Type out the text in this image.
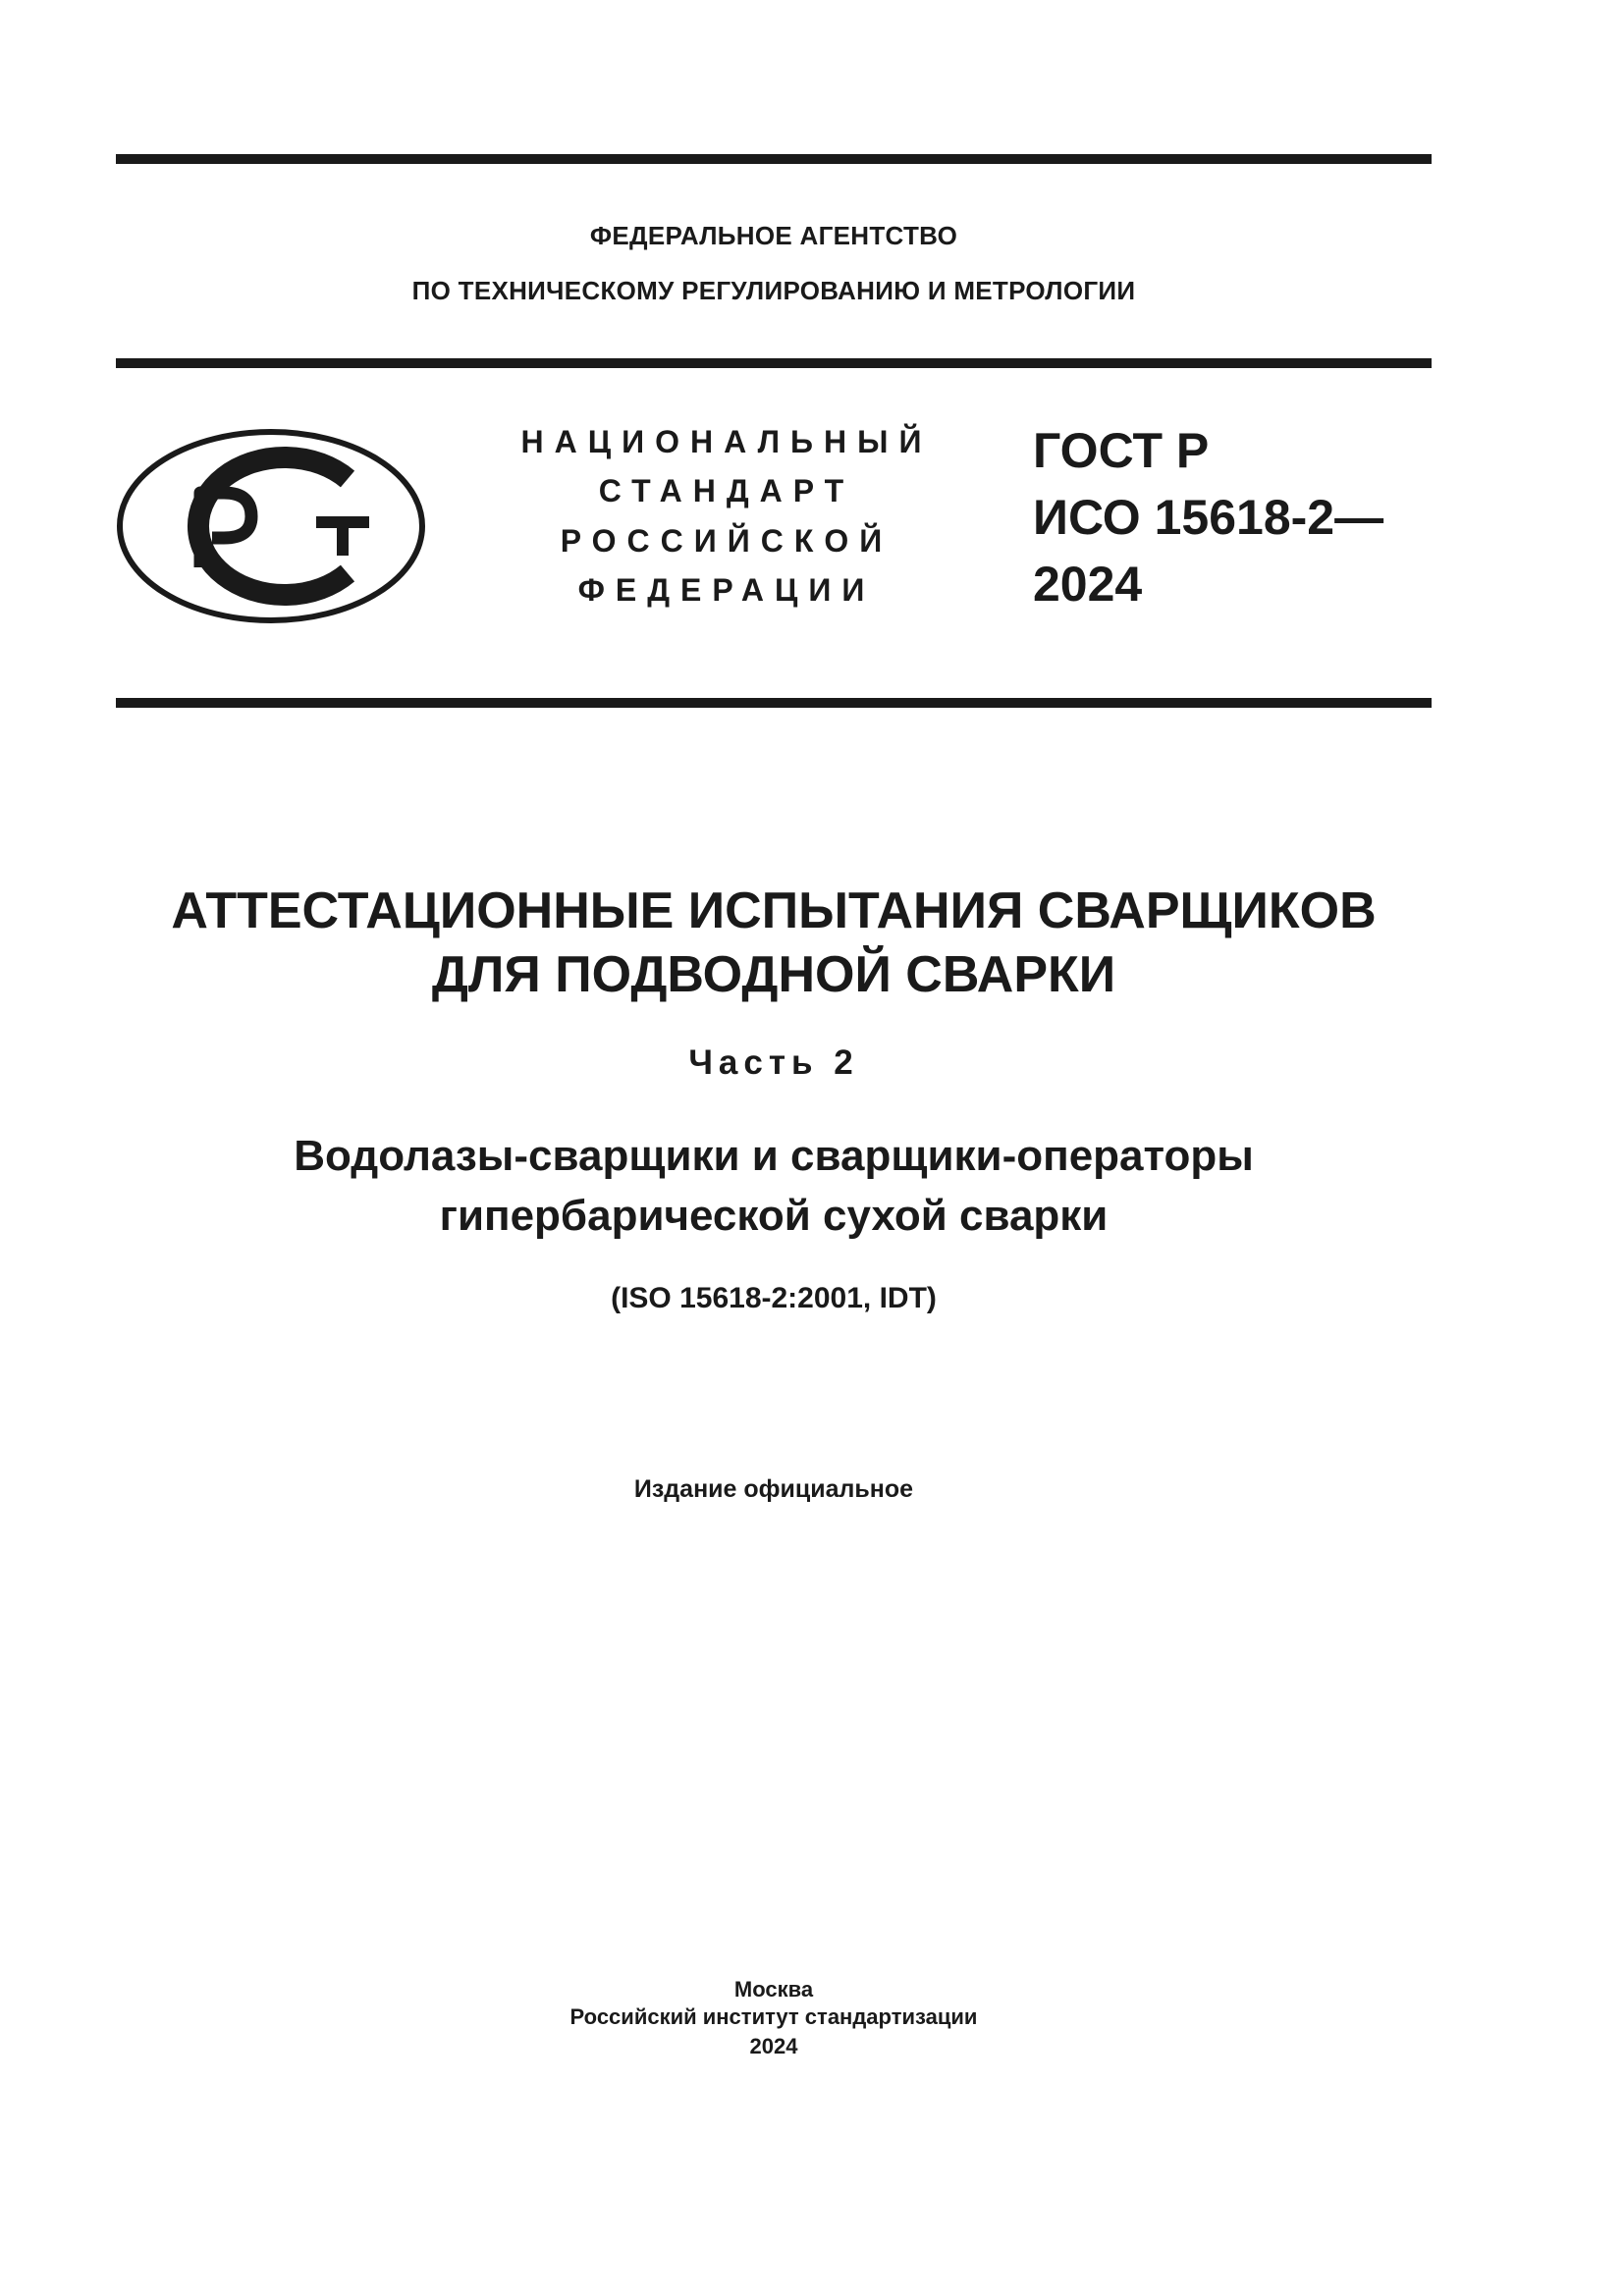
ФЕДЕРАЛЬНОЕ АГЕНТСТВО
ПО ТЕХНИЧЕСКОМУ РЕГУЛИРОВАНИЮ И МЕТРОЛОГИИ
НАЦИОНАЛЬНЫЙ
СТАНДАРТ
РОССИЙСКОЙ
ФЕДЕРАЦИИ
ГОСТ Р
ИСО 15618-2—
2024
АТТЕСТАЦИОННЫЕ ИСПЫТАНИЯ СВАРЩИКОВ
ДЛЯ ПОДВОДНОЙ СВАРКИ
Часть 2
Водолазы-сварщики и сварщики-операторы
гипербарической сухой сварки
(ISO 15618-2:2001, IDT)
Издание официальное
Москва
Российский институт стандартизации
2024
